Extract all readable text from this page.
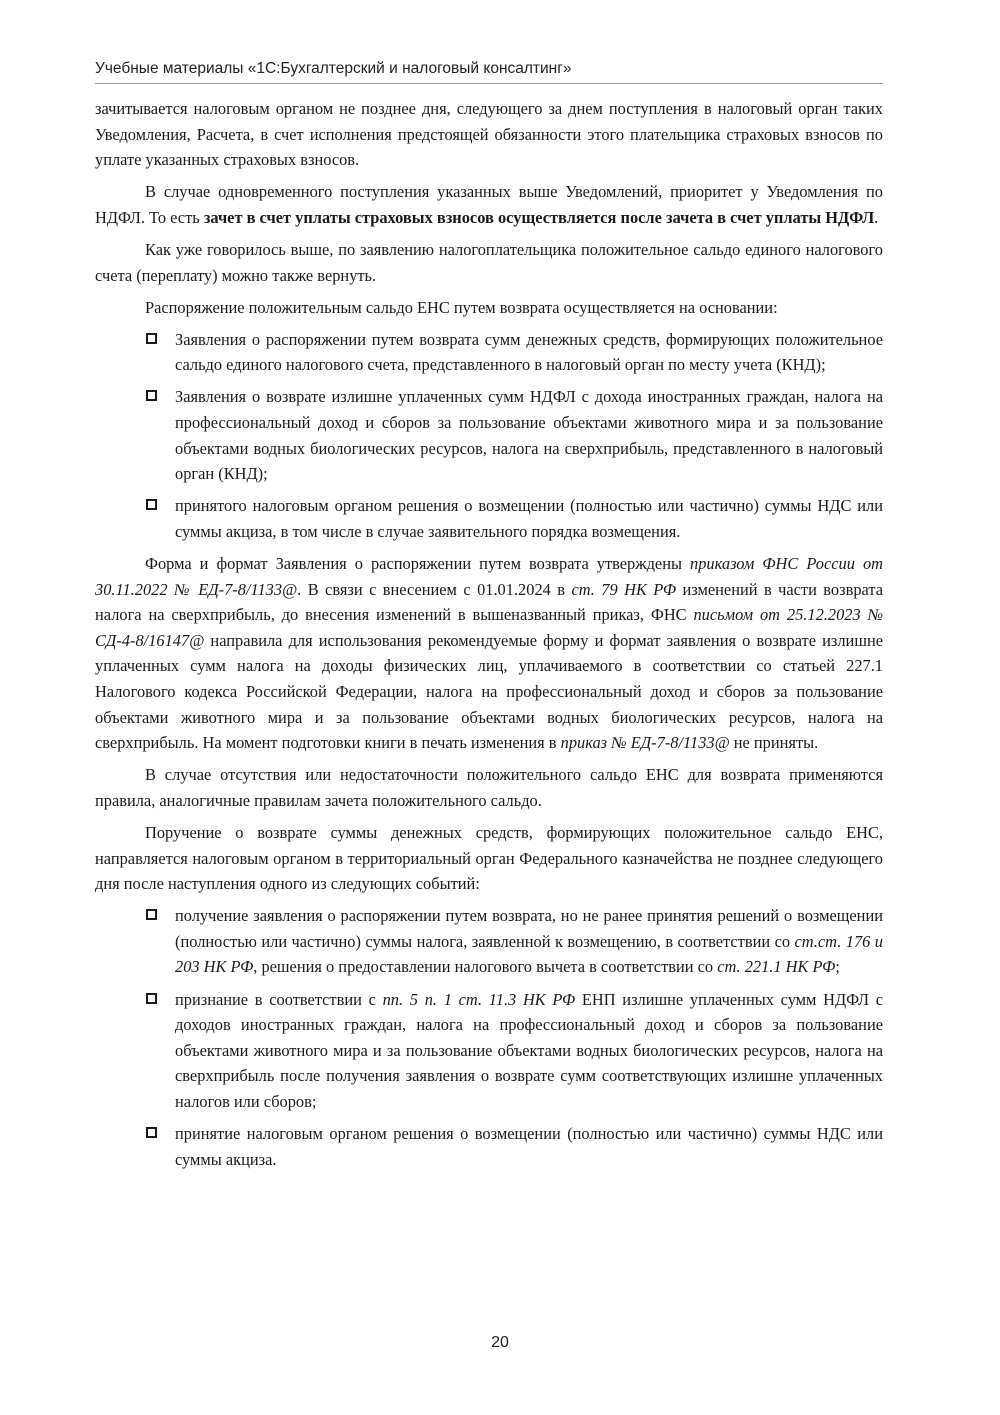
Учебные материалы «1С:Бухгалтерский и налоговый консалтинг»

зачитывается налоговым органом не позднее дня, следующего за днем поступления в налоговый орган таких Уведомления, Расчета, в счет исполнения предстоящей обязанности этого плательщика страховых взносов по уплате указанных страховых взносов.

В случае одновременного поступления указанных выше Уведомлений, приоритет у Уведомления по НДФЛ. То есть зачет в счет уплаты страховых взносов осуществляется после зачета в счет уплаты НДФЛ.

Как уже говорилось выше, по заявлению налогоплательщика положительное сальдо единого налогового счета (переплату) можно также вернуть.

Распоряжение положительным сальдо ЕНС путем возврата осуществляется на основании:

Заявления о распоряжении путем возврата сумм денежных средств, формирующих положительное сальдо единого налогового счета, представленного в налоговый орган по месту учета (КНД);
Заявления о возврате излишне уплаченных сумм НДФЛ с дохода иностранных граждан, налога на профессиональный доход и сборов за пользование объектами животного мира и за пользование объектами водных биологических ресурсов, налога на сверхприбыль, представленного в налоговый орган (КНД);
принятого налоговым органом решения о возмещении (полностью или частично) суммы НДС или суммы акциза, в том числе в случае заявительного порядка возмещения.

Форма и формат Заявления о распоряжении путем возврата утверждены приказом ФНС России от 30.11.2022 № ЕД-7-8/1133@. В связи с внесением с 01.01.2024 в ст. 79 НК РФ изменений в части возврата налога на сверхприбыль, до внесения изменений в вышеназванный приказ, ФНС письмом от 25.12.2023 № СД-4-8/16147@ направила для использования рекомендуемые форму и формат заявления о возврате излишне уплаченных сумм налога на доходы физических лиц, уплачиваемого в соответствии со статьей 227.1 Налогового кодекса Российской Федерации, налога на профессиональный доход и сборов за пользование объектами животного мира и за пользование объектами водных биологических ресурсов, налога на сверхприбыль. На момент подготовки книги в печать изменения в приказ № ЕД-7-8/1133@ не приняты.

В случае отсутствия или недостаточности положительного сальдо ЕНС для возврата применяются правила, аналогичные правилам зачета положительного сальдо.

Поручение о возврате суммы денежных средств, формирующих положительное сальдо ЕНС, направляется налоговым органом в территориальный орган Федерального казначейства не позднее следующего дня после наступления одного из следующих событий:

получение заявления о распоряжении путем возврата, но не ранее принятия решений о возмещении (полностью или частично) суммы налога, заявленной к возмещению, в соответствии со ст.ст. 176 и 203 НК РФ, решения о предоставлении налогового вычета в соответствии со ст. 221.1 НК РФ;
признание в соответствии с пп. 5 п. 1 ст. 11.3 НК РФ ЕНП излишне уплаченных сумм НДФЛ с доходов иностранных граждан, налога на профессиональный доход и сборов за пользование объектами животного мира и за пользование объектами водных биологических ресурсов, налога на сверхприбыль после получения заявления о возврате сумм соответствующих излишне уплаченных налогов или сборов;
принятие налоговым органом решения о возмещении (полностью или частично) суммы НДС или суммы акциза.
20
